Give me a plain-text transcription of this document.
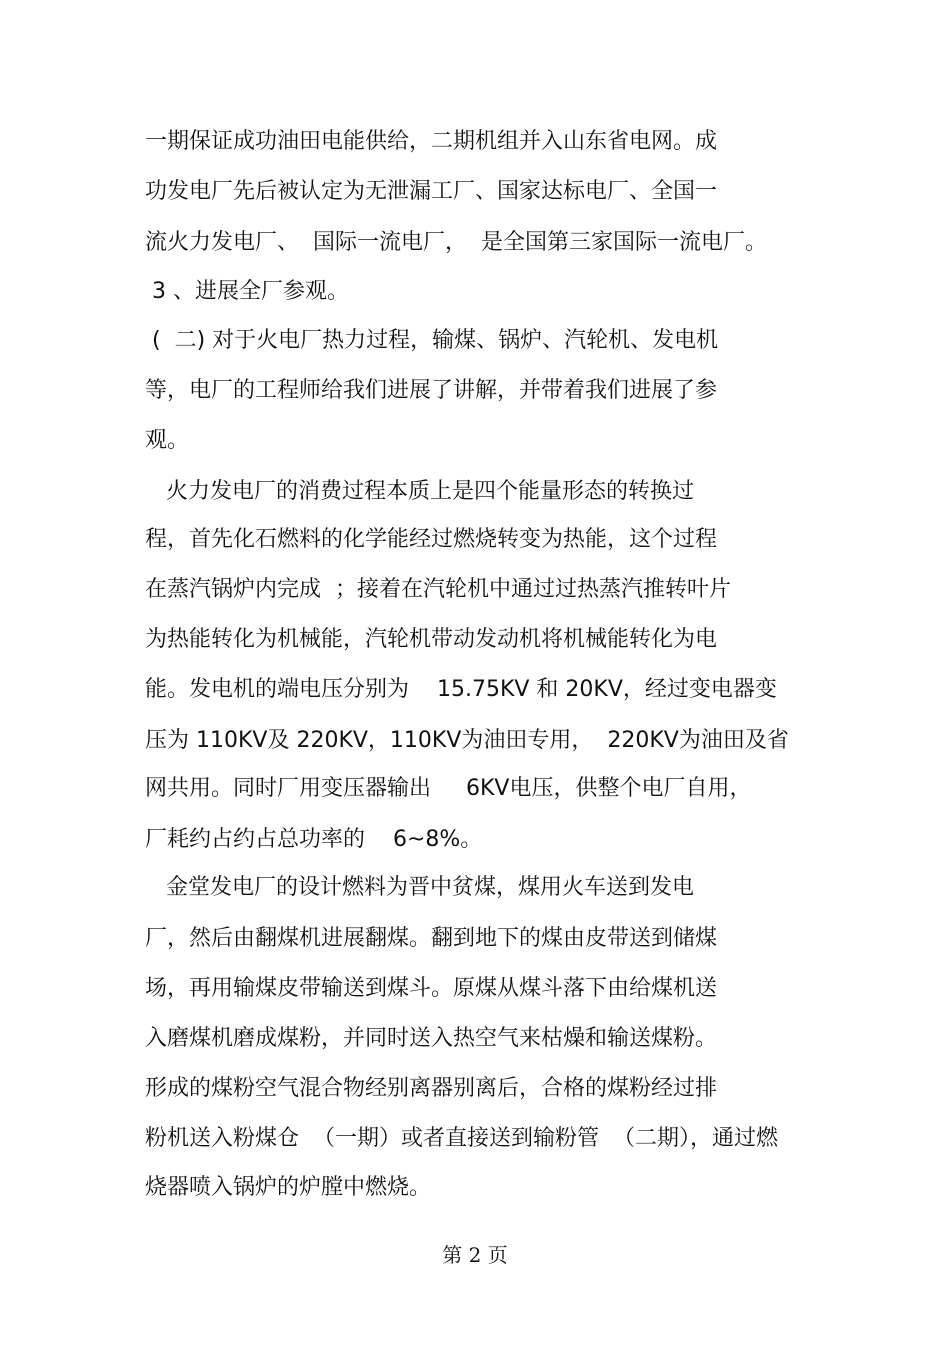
一期保证成功油田电能供给，二期机组并入山东省电网。成
功发电厂先后被认定为无泄漏工厂、国家达标电厂、全国一
流火力发电厂、  国际一流电厂，  是全国第三家国际一流电厂。
3 、进展全厂参观。
(  二) 对于火电厂热力过程，输煤、锅炉、汽轮机、发电机
等，电厂的工程师给我们进展了讲解，并带着我们进展了参
观。
火力发电厂的消费过程本质上是四个能量形态的转换过
程，首先化石燃料的化学能经过燃烧转变为热能，这个过程
在蒸汽锅炉内完成  ；接着在汽轮机中通过过热蒸汽推转叶片
为热能转化为机械能，汽轮机带动发动机将机械能转化为电
能。发电机的端电压分别为    15.75KV 和 20KV，经过变电器变
压为 110KV及 220KV，110KV为油田专用，  220KV为油田及省
网共用。同时厂用变压器输出     6KV电压，供整个电厂自用，
厂耗约占约占总功率的    6~8%。
金堂发电厂的设计燃料为晋中贫煤，煤用火车送到发电
厂，然后由翻煤机进展翻煤。翻到地下的煤由皮带送到储煤
场，再用输煤皮带输送到煤斗。原煤从煤斗落下由给煤机送
入磨煤机磨成煤粉，并同时送入热空气来枯燥和输送煤粉。
形成的煤粉空气混合物经别离器别离后，合格的煤粉经过排
粉机送入粉煤仓  （一期）或者直接送到输粉管  （二期），通过燃
烧器喷入锅炉的炉膛中燃烧。
第 2 页
